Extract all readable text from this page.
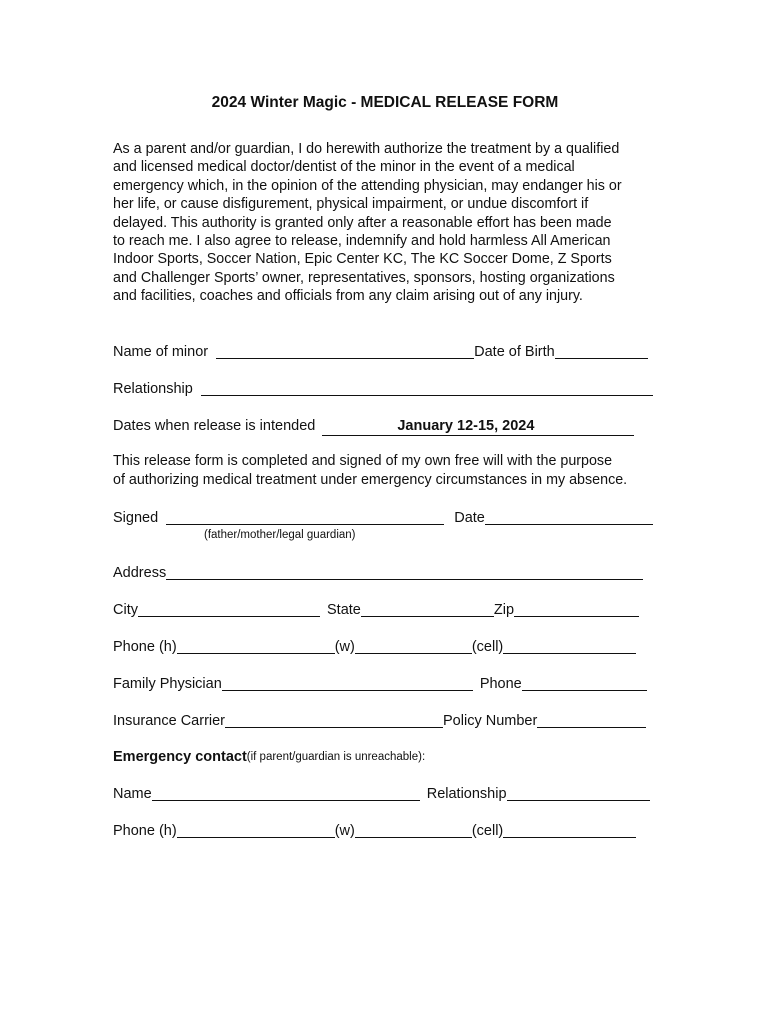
2024 Winter Magic - MEDICAL RELEASE FORM
As a parent and/or guardian, I do herewith authorize the treatment by a qualified
and licensed medical doctor/dentist of the minor in the event of a medical
emergency which, in the opinion of the attending physician, may endanger his or
her life, or cause disfigurement, physical impairment, or undue discomfort if
delayed. This authority is granted only after a reasonable effort has been made
to reach me. I also agree to release, indemnify and hold harmless All American
Indoor Sports, Soccer Nation, Epic Center KC, The KC Soccer Dome, Z Sports
and Challenger Sports’ owner, representatives, sponsors, hosting organizations
and facilities, coaches and officials from any claim arising out of any injury.
Name of minor	Date of Birth
Relationship
Dates when release is intended	January 12-15, 2024
This release form is completed and signed of my own free will with the purpose
of authorizing medical treatment under emergency circumstances in my absence.
Signed	Date
(father/mother/legal guardian)
Address
City	State	Zip
Phone (h)	(w)	(cell)
Family Physician	Phone
Insurance Carrier	Policy Number
Emergency contact(if parent/guardian is unreachable):
Name	Relationship
Phone (h)	(w)	(cell)
